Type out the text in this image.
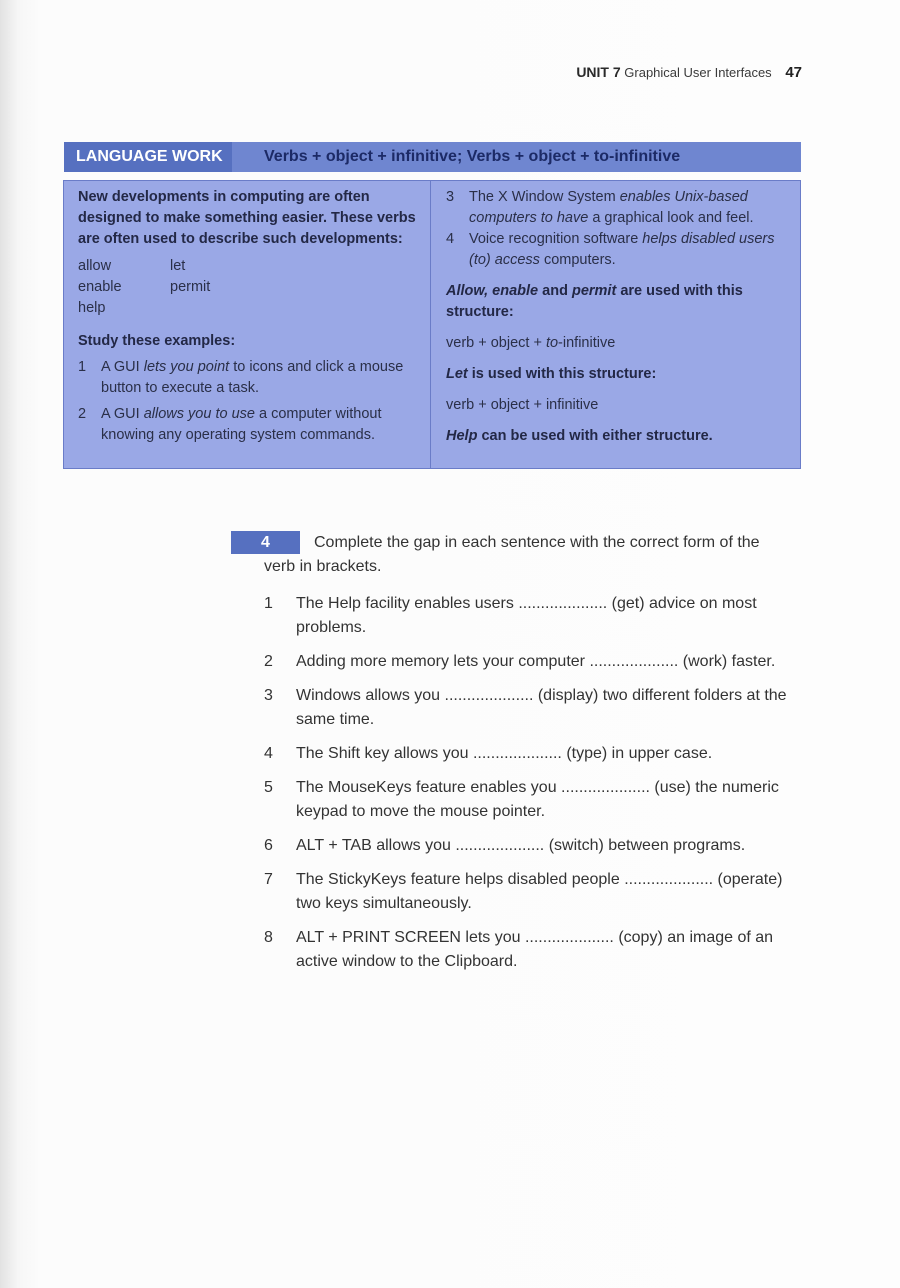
UNIT 7 Graphical User Interfaces 47
LANGUAGE WORK	Verbs + object + infinitive; Verbs + object + to-infinitive
New developments in computing are often designed to make something easier. These verbs are often used to describe such developments:
allow	let
enable	permit
help
Study these examples:
1 A GUI lets you point to icons and click a mouse button to execute a task.
2 A GUI allows you to use a computer without knowing any operating system commands.
3 The X Window System enables Unix-based computers to have a graphical look and feel.
4 Voice recognition software helps disabled users (to) access computers.
Allow, enable and permit are used with this structure:
verb + object + to-infinitive
Let is used with this structure:
verb + object + infinitive
Help can be used with either structure.
4	Complete the gap in each sentence with the correct form of the
verb in brackets.
1 The Help facility enables users .................... (get) advice on most problems.
2 Adding more memory lets your computer .................... (work) faster.
3 Windows allows you .................... (display) two different folders at the same time.
4 The Shift key allows you .................... (type) in upper case.
5 The MouseKeys feature enables you .................... (use) the numeric keypad to move the mouse pointer.
6 ALT + TAB allows you .................... (switch) between programs.
7 The StickyKeys feature helps disabled people .................... (operate) two keys simultaneously.
8 ALT + PRINT SCREEN lets you .................... (copy) an image of an active window to the Clipboard.
